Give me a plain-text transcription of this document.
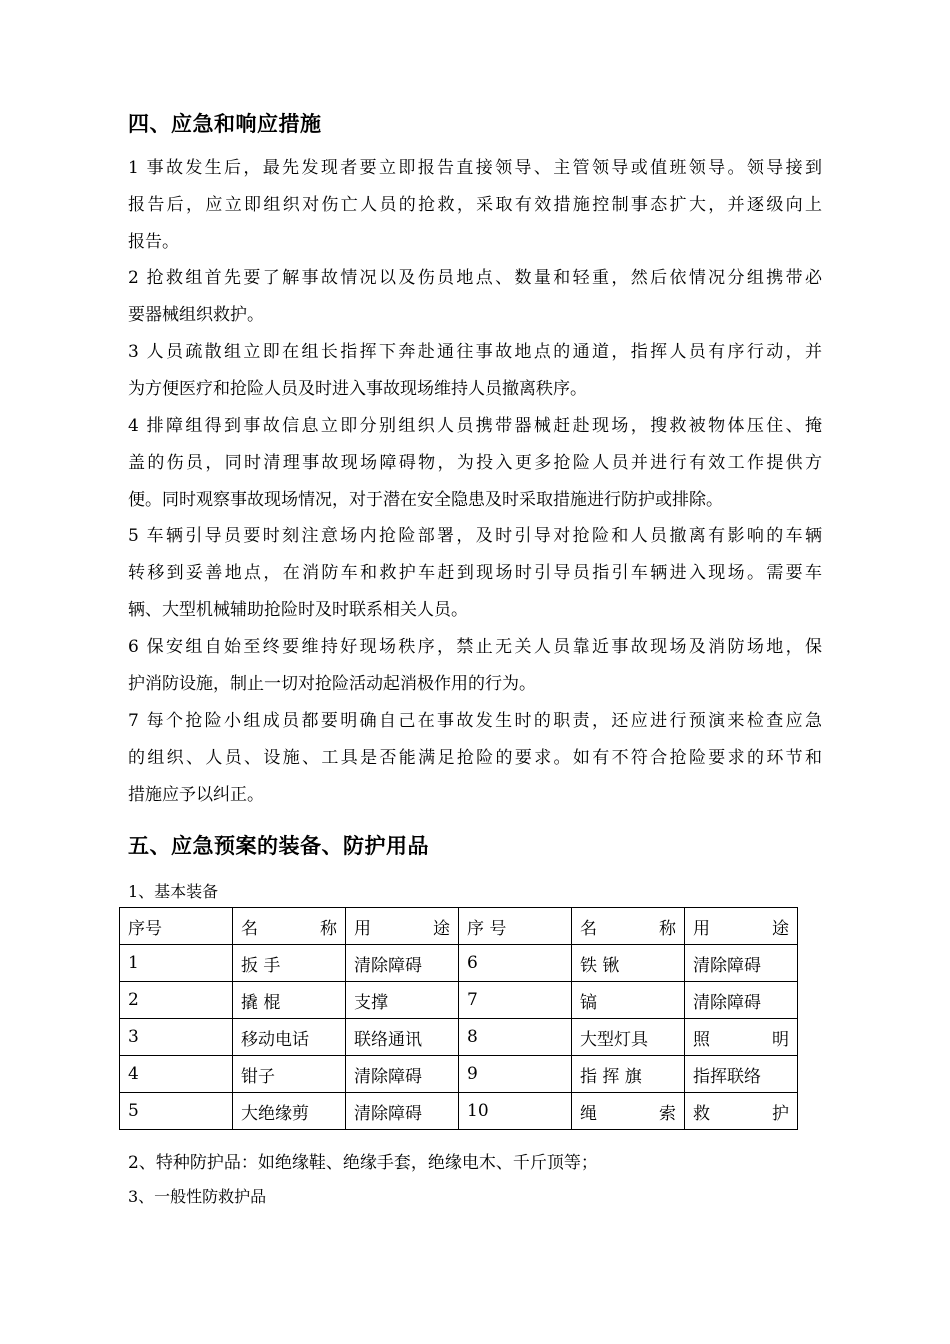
四、应急和响应措施
1 事故发生后，最先发现者要立即报告直接领导、主管领导或值班领导。领导接到
报告后，应立即组织对伤亡人员的抢救，采取有效措施控制事态扩大，并逐级向上
报告。
2 抢救组首先要了解事故情况以及伤员地点、数量和轻重，然后依情况分组携带必
要器械组织救护。
3 人员疏散组立即在组长指挥下奔赴通往事故地点的通道，指挥人员有序行动，并
为方便医疗和抢险人员及时进入事故现场维持人员撤离秩序。
4 排障组得到事故信息立即分别组织人员携带器械赶赴现场，搜救被物体压住、掩
盖的伤员，同时清理事故现场障碍物，为投入更多抢险人员并进行有效工作提供方
便。同时观察事故现场情况，对于潜在安全隐患及时采取措施进行防护或排除。
5 车辆引导员要时刻注意场内抢险部署，及时引导对抢险和人员撤离有影响的车辆
转移到妥善地点，在消防车和救护车赶到现场时引导员指引车辆进入现场。需要车
辆、大型机械辅助抢险时及时联系相关人员。
6 保安组自始至终要维持好现场秩序，禁止无关人员靠近事故现场及消防场地，保
护消防设施，制止一切对抢险活动起消极作用的行为。
7 每个抢险小组成员都要明确自己在事故发生时的职责，还应进行预演来检查应急
的组织、人员、设施、工具是否能满足抢险的要求。如有不符合抢险要求的环节和
措施应予以纠正。
五、应急预案的装备、防护用品
1、基本装备
序号	名 称	用 途	序 号	名 称	用 途

1	扳 手	清除障碍	6	铁 锹	清除障碍
2	撬 棍	支撑	7	镐	清除障碍
3	移动电话	联络通讯	8	大型灯具	照 明

4	钳子	清除障碍	9	指 挥 旗	指挥联络
5	大绝缘剪	清除障碍	10	绳 索	救 护
2、特种防护品：如绝缘鞋、绝缘手套，绝缘电木、千斤顶等；
3、一般性防救护品
